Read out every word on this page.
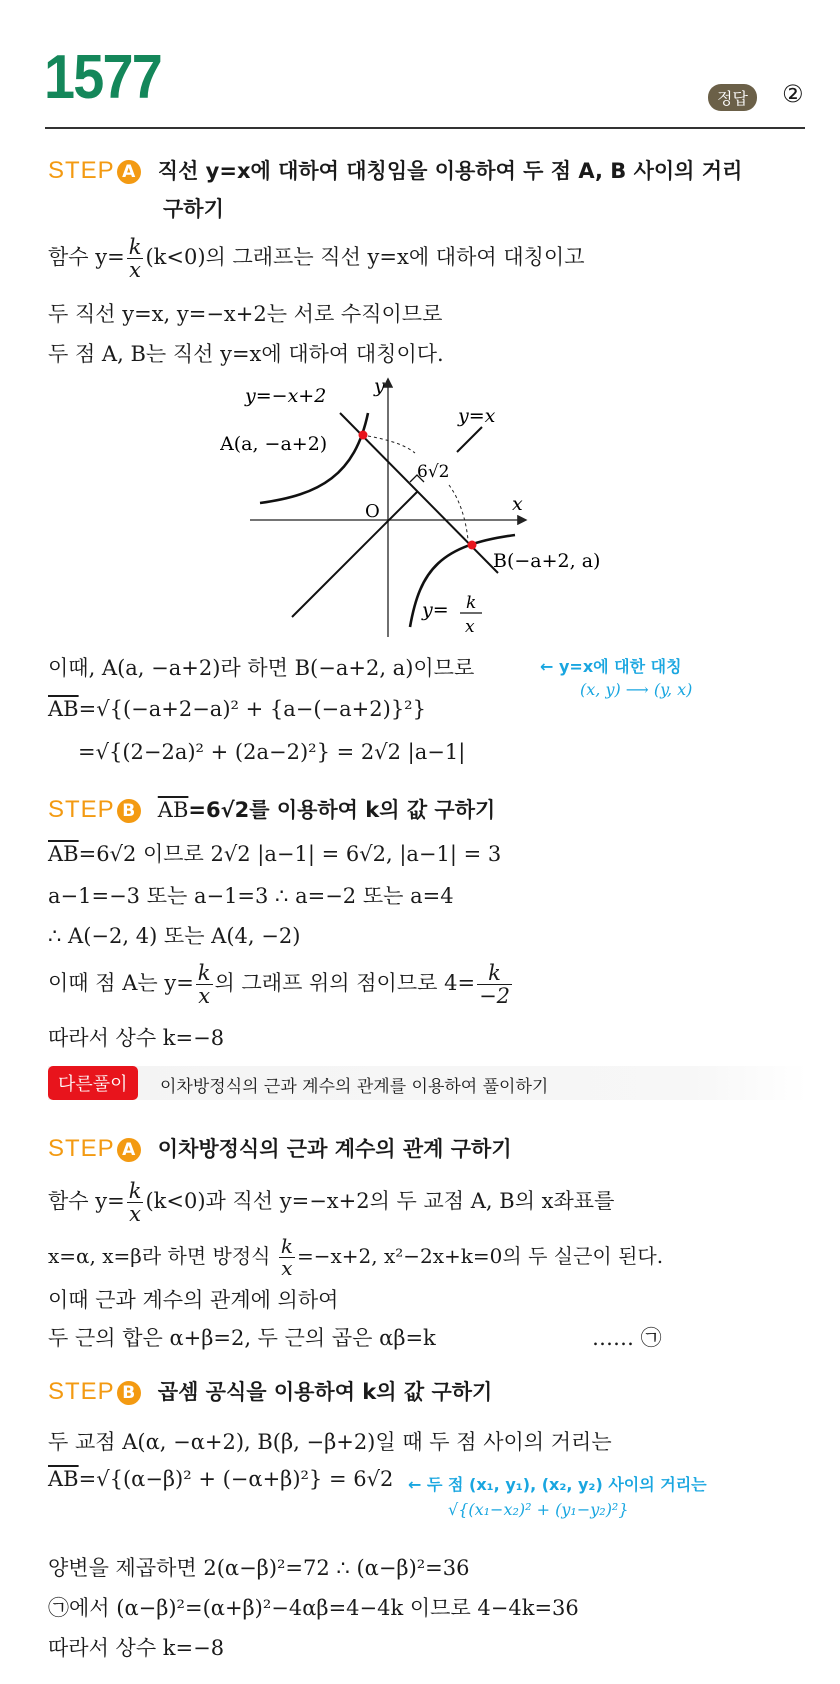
1577	정답	②
STEP A 직선 y=x에 대하여 대칭임을 이용하여 두 점 A, B 사이의 거리
구하기
함수 $y= \frac{k}{x} (k<0)$의 그래프는 직선 y=x에 대하여 대칭이고
두 직선 y=x, y=−x+2는 서로 수직이므로
두 점 A, B는 직선 y=x에 대하여 대칭이다.
y
x
O
y=−x+2
y=x
A(a, −a+2)
B(−a+2, a)
6√2
y= k
x
이때, A(a, −a+2)라 하면 B(−a+2, a)이므로	← y=x에 대한 대칭
(x, y) ⟶ (y, x)
$\overline{AB}=√\{(-a+2-a)^2 + \{a-(-a+2)\}^2\}$
=√{(2−2a)² + (2a−2)²} = 2√2 |a−1|
STEP B $\overline{AB}=6√2$를 이용하여 k의 값 구하기
$\overline{AB}=6√2$ 이므로 2√2 |a−1| = 6√2, |a−1| = 3
a−1=−3 또는 a−1=3 ∴ a=−2 또는 a=4
∴ A(−2, 4) 또는 A(4, −2)
이때 점 A는 $y= \frac{k}{x}$ 의 그래프 위의 점이므로 $4= \frac{k}{-2}$
따라서 상수 k=−8
다른풀이	이차방정식의 근과 계수의 관계를 이용하여 풀이하기
STEP A 이차방정식의 근과 계수의 관계 구하기
함수 $y= \frac{k}{x} (k<0)$과 직선 y=−x+2의 두 교점 A, B의 x좌표를
x=α, x=β라 하면 방정식 $\frac{k}{x} =-x+2$, x²−2x+k=0의 두 실근이 된다.
이때 근과 계수의 관계에 의하여
두 근의 합은 α+β=2, 두 근의 곱은 αβ=k	…… ㉠
STEP B 곱셈 공식을 이용하여 k의 값 구하기
두 교점 A(α, −α+2), B(β, −β+2)일 때 두 점 사이의 거리는
$\overline{AB}=√\{(\alpha-\beta)^2 + (-\alpha+\beta)^2\} = 6√2$ ← 두 점 (x₁, y₁), (x₂, y₂) 사이의 거리는
√{(x₁−x₂)² + (y₁−y₂)²}
양변을 제곱하면 2(α−β)²=72 ∴ (α−β)²=36
㉠에서 (α−β)²=(α+β)²−4αβ=4−4k 이므로 4−4k=36
따라서 상수 k=−8
